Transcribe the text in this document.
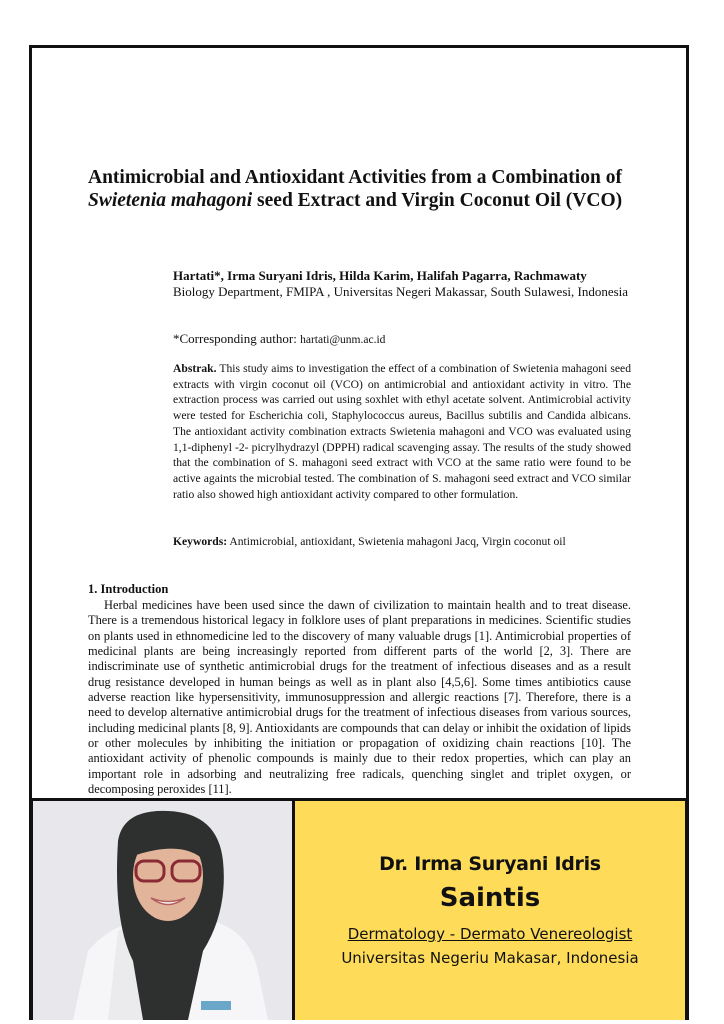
Antimicrobial and Antioxidant Activities from a Combination of Swietenia mahagoni seed Extract and Virgin Coconut Oil (VCO)
Hartati*, Irma Suryani Idris, Hilda Karim, Halifah Pagarra, Rachmawaty
Biology Department, FMIPA , Universitas Negeri Makassar, South Sulawesi, Indonesia
*Corresponding author: hartati@unm.ac.id
Abstrak. This study aims to investigation the effect of a combination of Swietenia mahagoni seed extracts with virgin coconut oil (VCO) on antimicrobial and antioxidant activity in vitro. The extraction process was carried out using soxhlet with ethyl acetate solvent. Antimicrobial activity were tested for Escherichia coli, Staphylococcus aureus, Bacillus subtilis and Candida albicans. The antioxidant activity combination extracts Swietenia mahagoni and VCO was evaluated using 1,1-diphenyl -2- picrylhydrazyl (DPPH) radical scavenging assay. The results of the study showed that the combination of S. mahagoni seed extract with VCO at the same ratio were found to be active againts the microbial tested. The combination of S. mahagoni seed extract and VCO similar ratio also showed high antioxidant activity compared to other formulation.
Keywords: Antimicrobial, antioxidant, Swietenia mahagoni Jacq, Virgin coconut oil
1. Introduction

Herbal medicines have been used since the dawn of civilization to maintain health and to treat disease. There is a tremendous historical legacy in folklore uses of plant preparations in medicines. Scientific studies on plants used in ethnomedicine led to the discovery of many valuable drugs [1]. Antimicrobial properties of medicinal plants are being increasingly reported from different parts of the world [2, 3]. There are indiscriminate use of synthetic antimicrobial drugs for the treatment of infectious diseases and as a result drug resistance developed in human beings as well as in plant also [4,5,6]. Some times antibiotics cause adverse reaction like hypersensitivity, immunosuppression and allergic reactions [7]. Therefore, there is a need to develop alternative antimicrobial drugs for the treatment of infectious diseases from various sources, including medicinal plants [8, 9]. Antioxidants are compounds that can delay or inhibit the oxidation of lipids or other molecules by inhibiting the initiation or propagation of oxidizing chain reactions [10]. The antioxidant activity of phenolic compounds is mainly due to their redox properties, which can play an important role in adsorbing and neutralizing free radicals, quenching singlet and triplet oxygen, or decomposing peroxides [11].

Dr. Irma Suryani Idris
Saintis
Dermatology - Dermato Venereologist
Universitas Negeriu Makasar, Indonesia
